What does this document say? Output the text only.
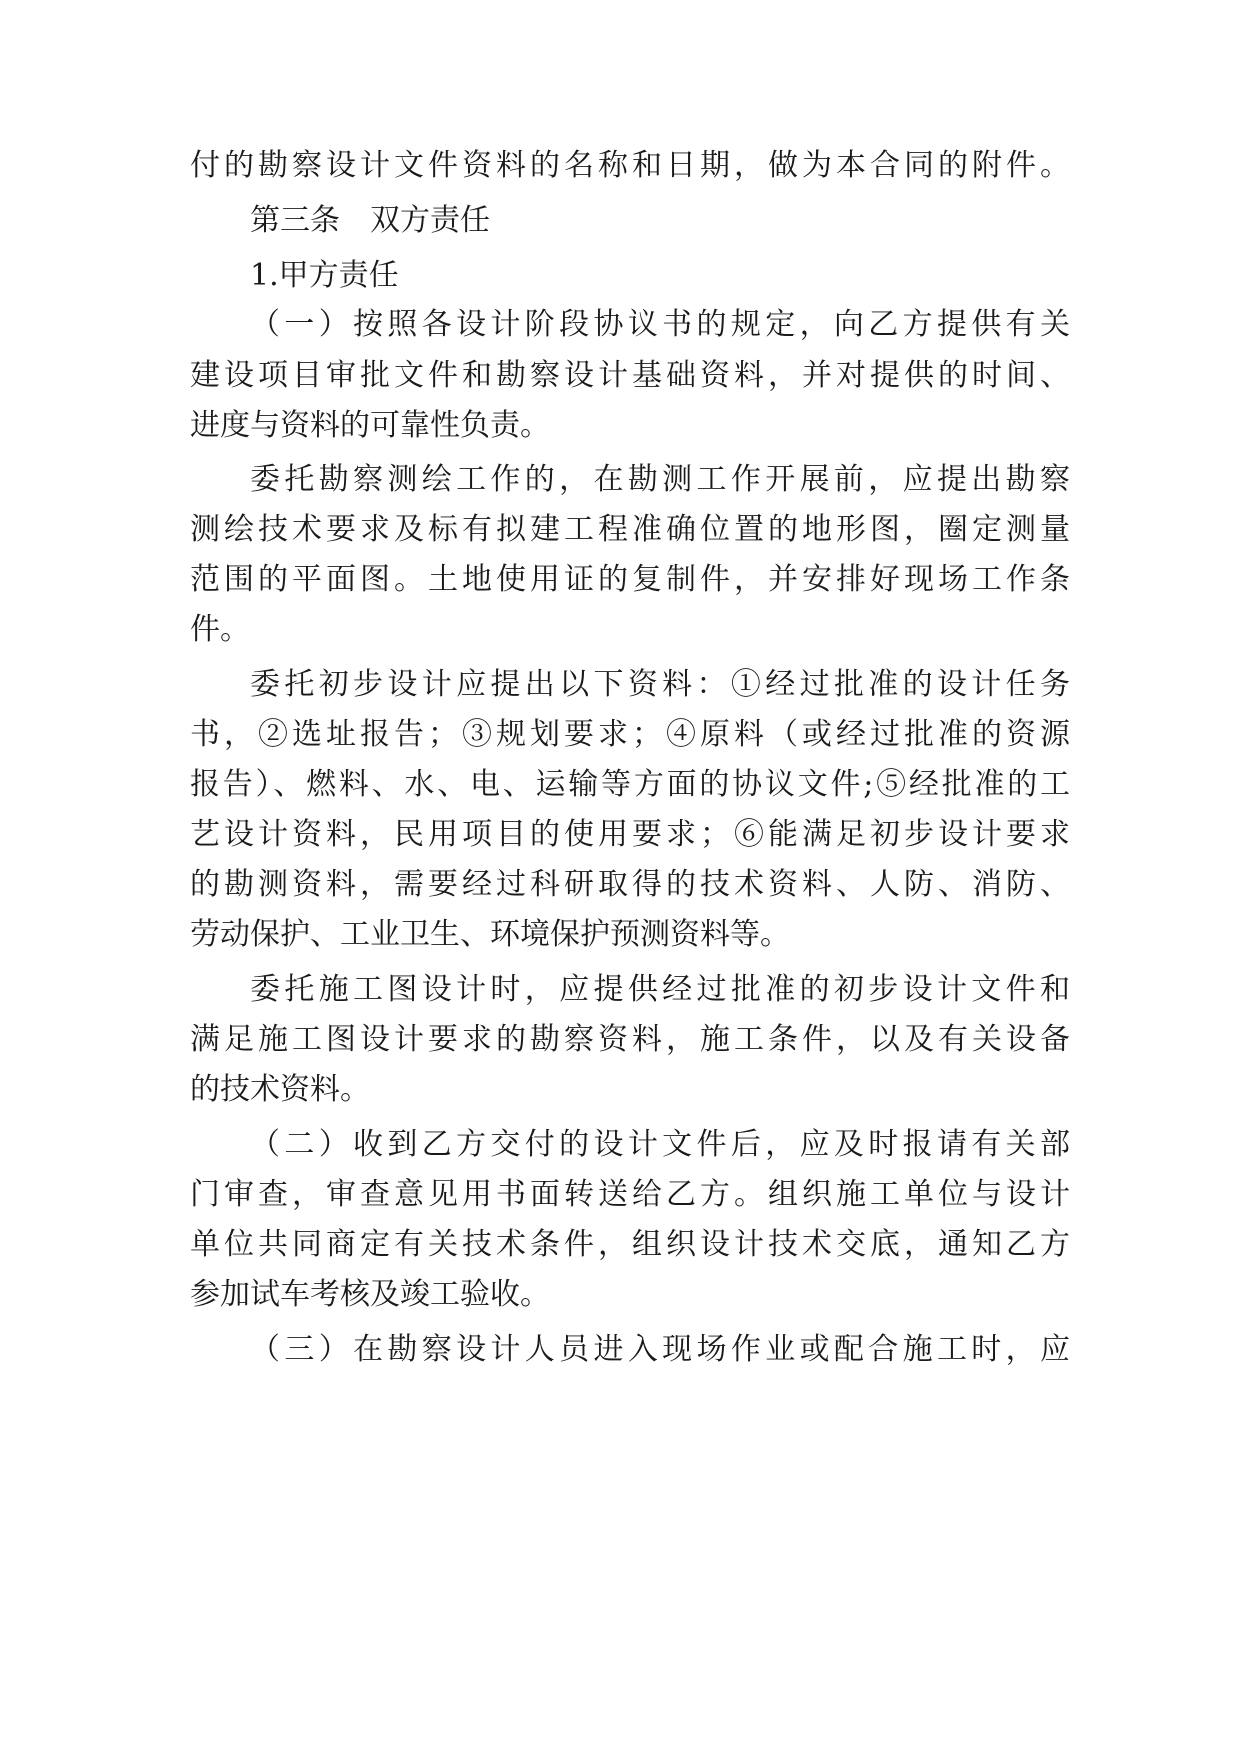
付的勘察设计文件资料的名称和日期，做为本合同的附件。
第三条　双方责任
1.甲方责任
（一）按照各设计阶段协议书的规定，向乙方提供有关
建设项目审批文件和勘察设计基础资料，并对提供的时间、
进度与资料的可靠性负责。
委托勘察测绘工作的，在勘测工作开展前，应提出勘察
测绘技术要求及标有拟建工程准确位置的地形图，圈定测量
范围的平面图。土地使用证的复制件，并安排好现场工作条
件。
委托初步设计应提出以下资料：①经过批准的设计任务
书，②选址报告；③规划要求；④原料（或经过批准的资源
报告）、燃料、水、电、运输等方面的协议文件;⑤经批准的工
艺设计资料，民用项目的使用要求；⑥能满足初步设计要求
的勘测资料，需要经过科研取得的技术资料、人防、消防、
劳动保护、工业卫生、环境保护预测资料等。
委托施工图设计时，应提供经过批准的初步设计文件和
满足施工图设计要求的勘察资料，施工条件，以及有关设备
的技术资料。
（二）收到乙方交付的设计文件后，应及时报请有关部
门审查，审查意见用书面转送给乙方。组织施工单位与设计
单位共同商定有关技术条件，组织设计技术交底，通知乙方
参加试车考核及竣工验收。
（三）在勘察设计人员进入现场作业或配合施工时，应
